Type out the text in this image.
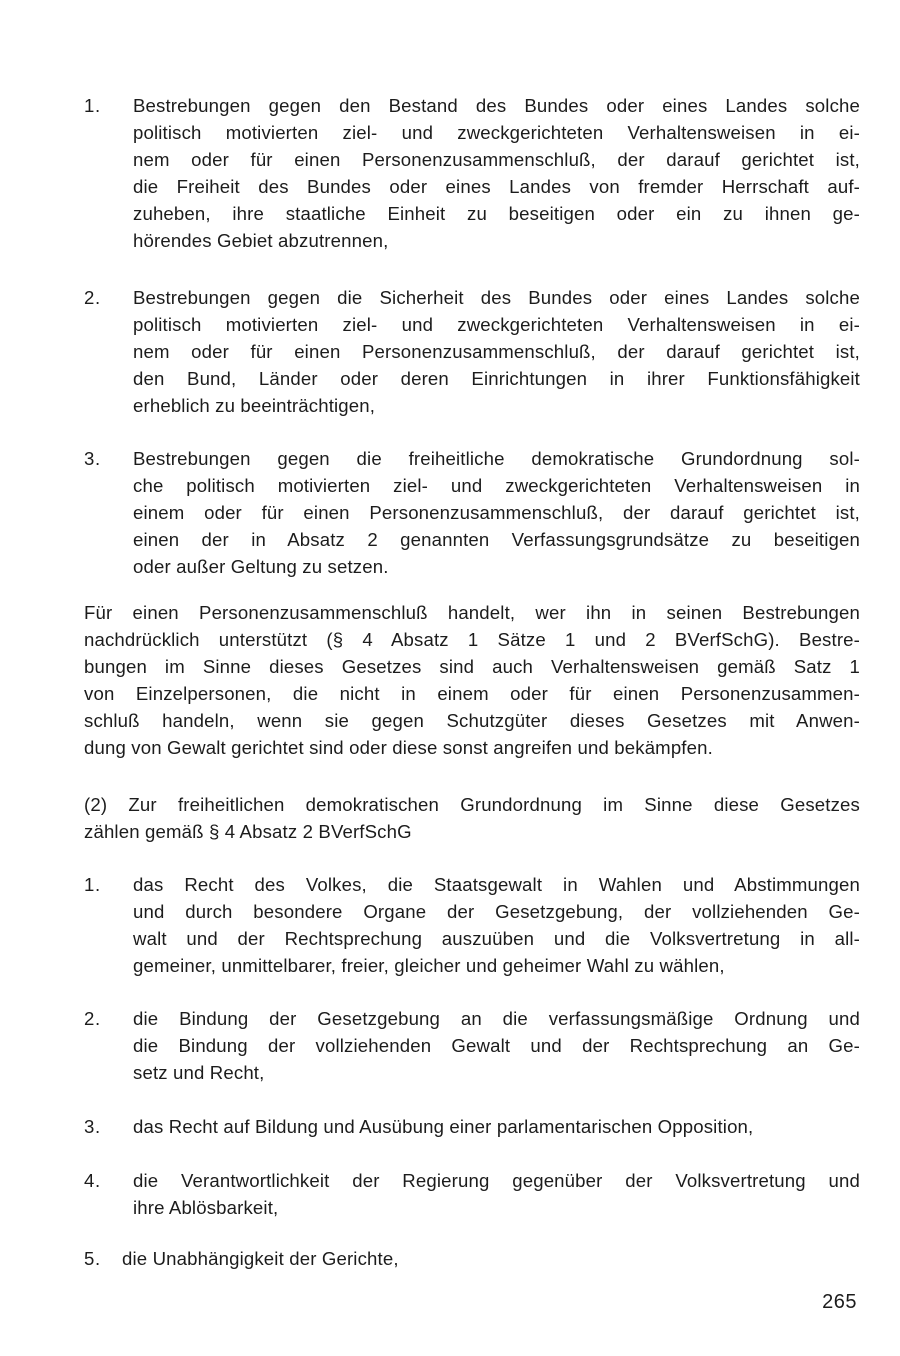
1. Bestrebungen gegen den Bestand des Bundes oder eines Landes solche
politisch motivierten ziel- und zweckgerichteten Verhaltensweisen in ei-
nem oder für einen Personenzusammenschluß, der darauf gerichtet ist,
die Freiheit des Bundes oder eines Landes von fremder Herrschaft auf-
zuheben, ihre staatliche Einheit zu beseitigen oder ein zu ihnen ge-
hörendes Gebiet abzutrennen,
2. Bestrebungen gegen die Sicherheit des Bundes oder eines Landes solche
politisch motivierten ziel- und zweckgerichteten Verhaltensweisen in ei-
nem oder für einen Personenzusammenschluß, der darauf gerichtet ist,
den Bund, Länder oder deren Einrichtungen in ihrer Funktionsfähigkeit
erheblich zu beeinträchtigen,
3. Bestrebungen gegen die freiheitliche demokratische Grundordnung sol-
che politisch motivierten ziel- und zweckgerichteten Verhaltensweisen in
einem oder für einen Personenzusammenschluß, der darauf gerichtet ist,
einen der in Absatz 2 genannten Verfassungsgrundsätze zu beseitigen
oder außer Geltung zu setzen.
Für einen Personenzusammenschluß handelt, wer ihn in seinen Bestrebungen
nachdrücklich unterstützt (§ 4 Absatz 1 Sätze 1 und 2 BVerfSchG). Bestre-
bungen im Sinne dieses Gesetzes sind auch Verhaltensweisen gemäß Satz 1
von Einzelpersonen, die nicht in einem oder für einen Personenzusammen-
schluß handeln, wenn sie gegen Schutzgüter dieses Gesetzes mit Anwen-
dung von Gewalt gerichtet sind oder diese sonst angreifen und bekämpfen.
(2) Zur freiheitlichen demokratischen Grundordnung im Sinne diese Gesetzes
zählen gemäß § 4 Absatz 2 BVerfSchG
1. das Recht des Volkes, die Staatsgewalt in Wahlen und Abstimmungen
und durch besondere Organe der Gesetzgebung, der vollziehenden Ge-
walt und der Rechtsprechung auszuüben und die Volksvertretung in all-
gemeiner, unmittelbarer, freier, gleicher und geheimer Wahl zu wählen,
2. die Bindung der Gesetzgebung an die verfassungsmäßige Ordnung und
die Bindung der vollziehenden Gewalt und der Rechtsprechung an Ge-
setz und Recht,
3. das Recht auf Bildung und Ausübung einer parlamentarischen Opposition,
4. die Verantwortlichkeit der Regierung gegenüber der Volksvertretung und
ihre Ablösbarkeit,
5. die Unabhängigkeit der Gerichte,
265
